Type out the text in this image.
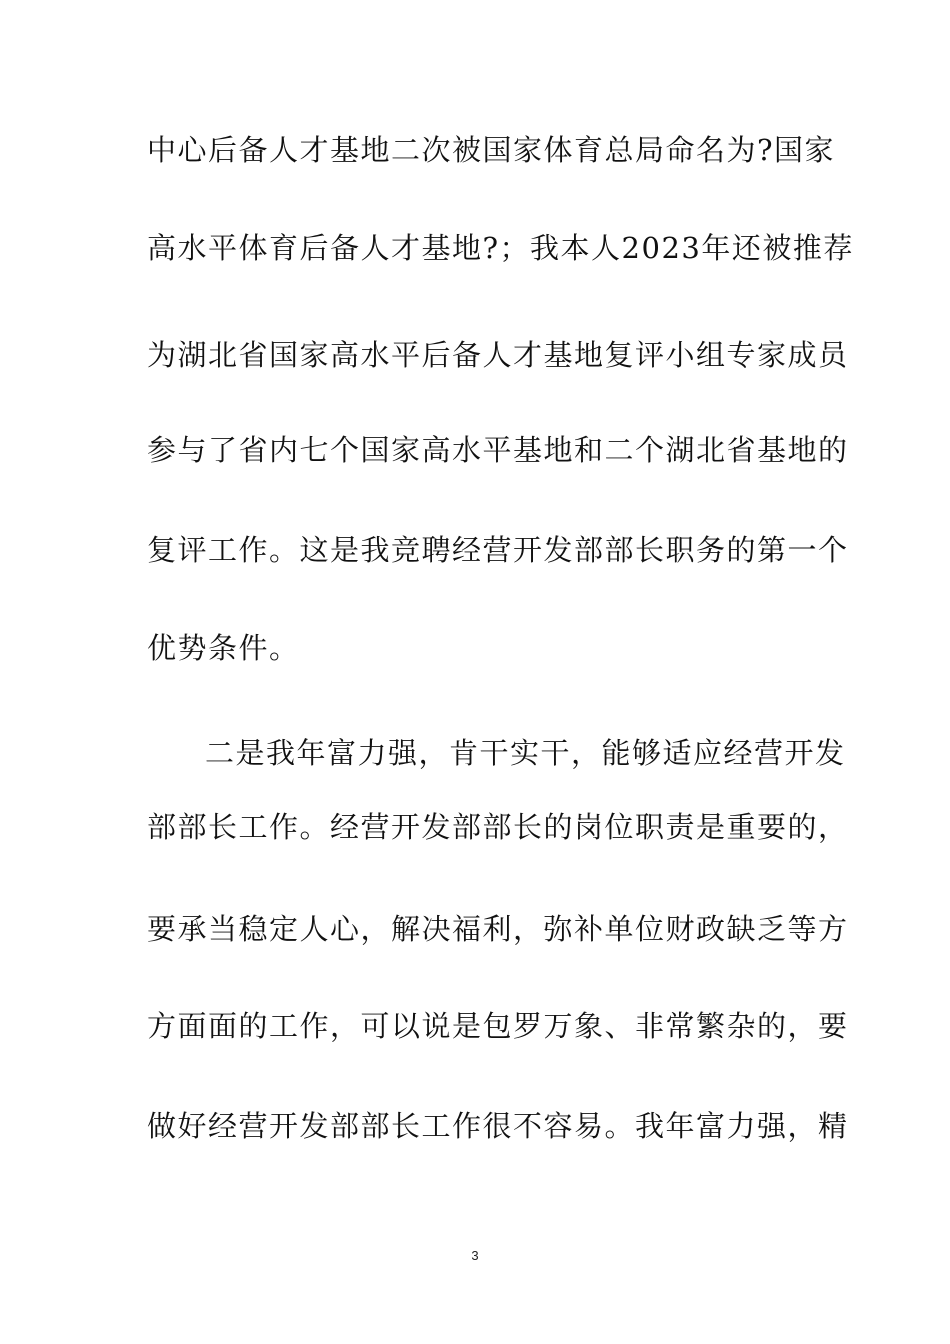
中心后备人才基地二次被国家体育总局命名为?国家
高水平体育后备人才基地?；我本人2023年还被推荐
为湖北省国家高水平后备人才基地复评小组专家成员
参与了省内七个国家高水平基地和二个湖北省基地的
复评工作。这是我竞聘经营开发部部长职务的第一个
优势条件。
二是我年富力强，肯干实干，能够适应经营开发
部部长工作。经营开发部部长的岗位职责是重要的，
要承当稳定人心，解决福利，弥补单位财政缺乏等方
方面面的工作，可以说是包罗万象、非常繁杂的，要
做好经营开发部部长工作很不容易。我年富力强，精
3
